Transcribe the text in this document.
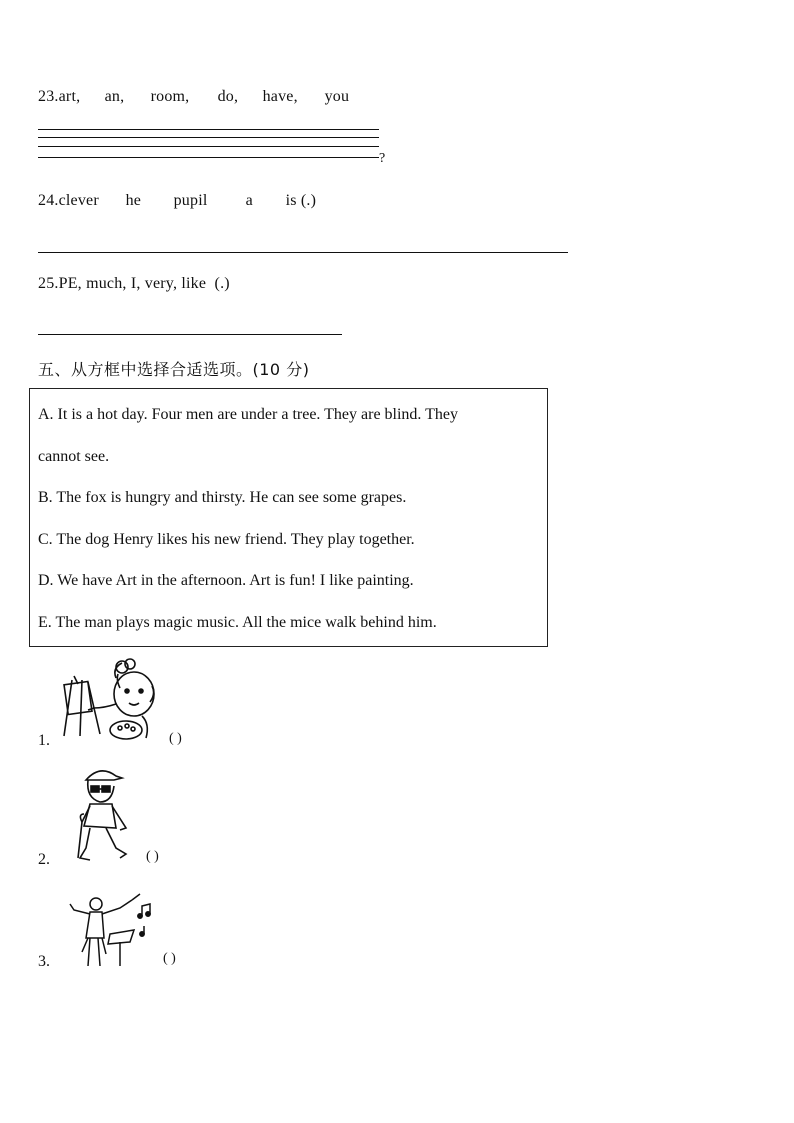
23.art, an, room, do, have, you
?
24.clever he pupil a is (.)
25.PE, much, I, very, like (.)
五、从方框中选择合适选项。(10 分)
A. It is a hot day. Four men are under a tree. They are blind. They
cannot see.
B. The fox is hungry and thirsty. He can see some grapes.
C. The dog Henry likes his new friend. They play together.
D. We have Art in the afternoon. Art is fun! I like painting.
E. The man plays magic music. All the mice walk behind him.
1.	( )
2.	( )
3.	( )
